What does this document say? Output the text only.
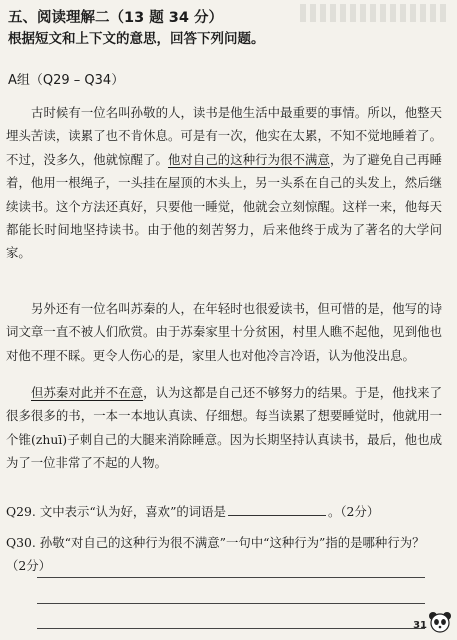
五、阅读理解二（13 题 34 分）
根据短文和上下文的意思，回答下列问题。
A组（Q29 – Q34）

古时候有一位名叫孙敬的人，读书是他生活中最重要的事情。所以，他整天埋头苦读，读累了也不肯休息。可是有一次，他实在太累，不知不觉地睡着了。不过，没多久，他就惊醒了。他对自己的这种行为很不满意，为了避免自己再睡着，他用一根绳子，一头挂在屋顶的木头上，另一头系在自己的头发上，然后继续读书。这个方法还真好，只要他一睡觉，他就会立刻惊醒。这样一来，他每天都能长时间地坚持读书。由于他的刻苦努力，后来他终于成为了著名的大学问家。

另外还有一位名叫苏秦的人，在年轻时也很爱读书，但可惜的是，他写的诗词文章一直不被人们欣赏。由于苏秦家里十分贫困，村里人瞧不起他，见到他也对他不理不睬。更令人伤心的是，家里人也对他冷言冷语，认为他没出息。

但苏秦对此并不在意，认为这都是自己还不够努力的结果。于是，他找来了很多很多的书，一本一本地认真读、仔细想。每当读累了想要睡觉时，他就用一个锥(zhuī)子刺自己的大腿来消除睡意。因为长期坚持认真读书，最后，他也成为了一位非常了不起的人物。

Q29. 文中表示“认为好，喜欢”的词语是	。（2分）

Q30. 孙敬“对自己的这种行为很不满意”一句中“这种行为”指的是哪种行为？（2分）

31
